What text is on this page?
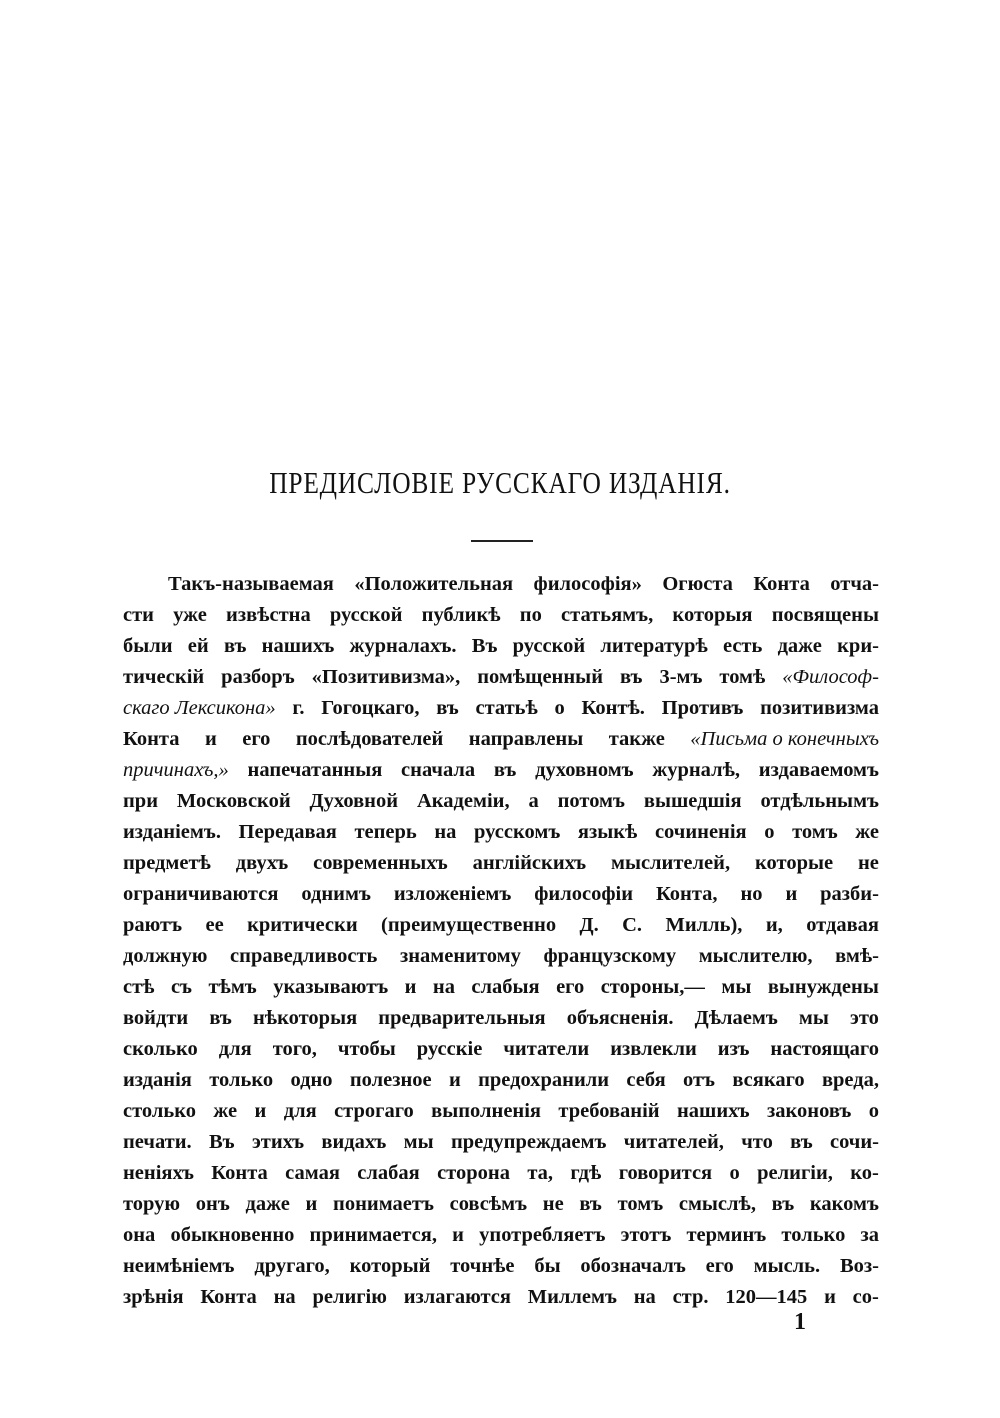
ПРЕДИСЛОВІЕ РУССКАГО ИЗДАНІЯ.
Такъ-называемая «Положительная философія» Огюста Конта отча-
сти уже извѣстна русской публикѣ по статьямъ, которыя посвящены
были ей въ нашихъ журналахъ. Въ русской литературѣ есть даже кри-
тическій разборъ «Позитивизма», помѣщенный въ 3-мъ томѣ «Философ-
скаго Лексикона» г. Гогоцкаго, въ статьѣ о Контѣ. Противъ позитивизма
Конта и его послѣдователей направлены также «Письма о конечныхъ
причинахъ,» напечатанныя сначала въ духовномъ журналѣ, издаваемомъ
при Московской Духовной Академіи, а потомъ вышедшія отдѣльнымъ
изданіемъ. Передавая теперь на русскомъ языкѣ сочиненія о томъ же
предметѣ двухъ современныхъ англійскихъ мыслителей, которые не
ограничиваются однимъ изложеніемъ философіи Конта, но и разби-
раютъ ее критически (преимущественно Д. С. Милль), и, отдавая
должную справедливость знаменитому французскому мыслителю, вмѣ-
стѣ съ тѣмъ указываютъ и на слабыя его стороны,— мы вынуждены
войдти въ нѣкоторыя предварительныя объясненія. Дѣлаемъ мы это
сколько для того, чтобы русскіе читатели извлекли изъ настоящаго
изданія только одно полезное и предохранили себя отъ всякаго вреда,
столько же и для строгаго выполненія требованій нашихъ законовъ о
печати. Въ этихъ видахъ мы предупреждаемъ читателей, что въ сочи-
неніяхъ Конта самая слабая сторона та, гдѣ говорится о религіи, ко-
торую онъ даже и понимаетъ совсѣмъ не въ томъ смыслѣ, въ какомъ
она обыкновенно принимается, и употребляетъ этотъ терминъ только за
неимѣніемъ другаго, который точнѣе бы обозначалъ его мысль. Воз-
зрѣнія Конта на религію излагаются Миллемъ на стр. 120—145 и со-
1
